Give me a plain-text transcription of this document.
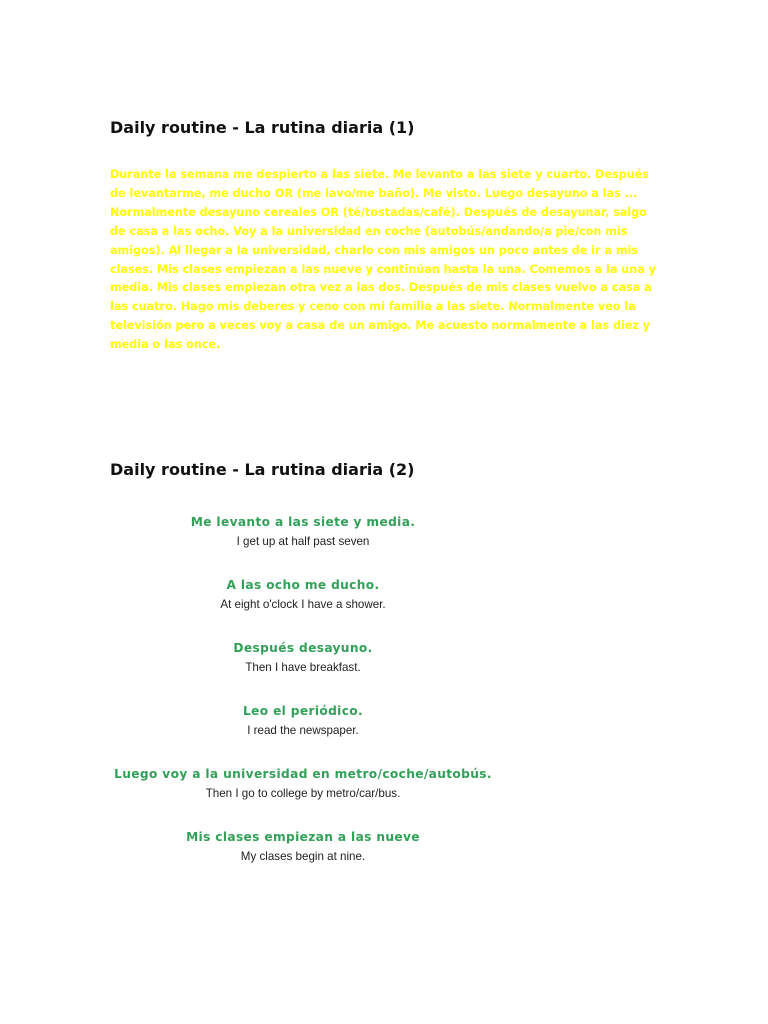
Daily routine - La rutina diaria (1)

Durante la semana me despierto a las siete. Me levanto a las siete y cuarto. Después de levantarme, me ducho OR (me lavo/me baño). Me visto. Luego desayuno a las ... Normalmente desayuno cereales OR (té/tostadas/café). Después de desayunar, salgo de casa a las ocho. Voy a la universidad en coche (autobús/andando/a pie/con mis amigos). Al llegar a la universidad, charlo con mis amigos un poco antes de ir a mis clases. Mis clases empiezan a las nueve y continúan hasta la una. Comemos a la una y media. Mis clases empiezan otra vez a las dos. Después de mis clases vuelvo a casa a las cuatro. Hago mis deberes y ceno con mi familia a las siete. Normalmente veo la televisión pero a veces voy a casa de un amigo. Me acuesto normalmente a las diez y media o las once.

Daily routine - La rutina diaria (2)
Me levanto a las siete y media.
I get up at half past seven
A las ocho me ducho.
At eight o'clock I have a shower.
Después desayuno.
Then I have breakfast.
Leo el periódico.
I read the newspaper.
Luego voy a la universidad en metro/coche/autobús.
Then I go to college by metro/car/bus.
Mis clases empiezan a las nueve
My clases begin at nine.
